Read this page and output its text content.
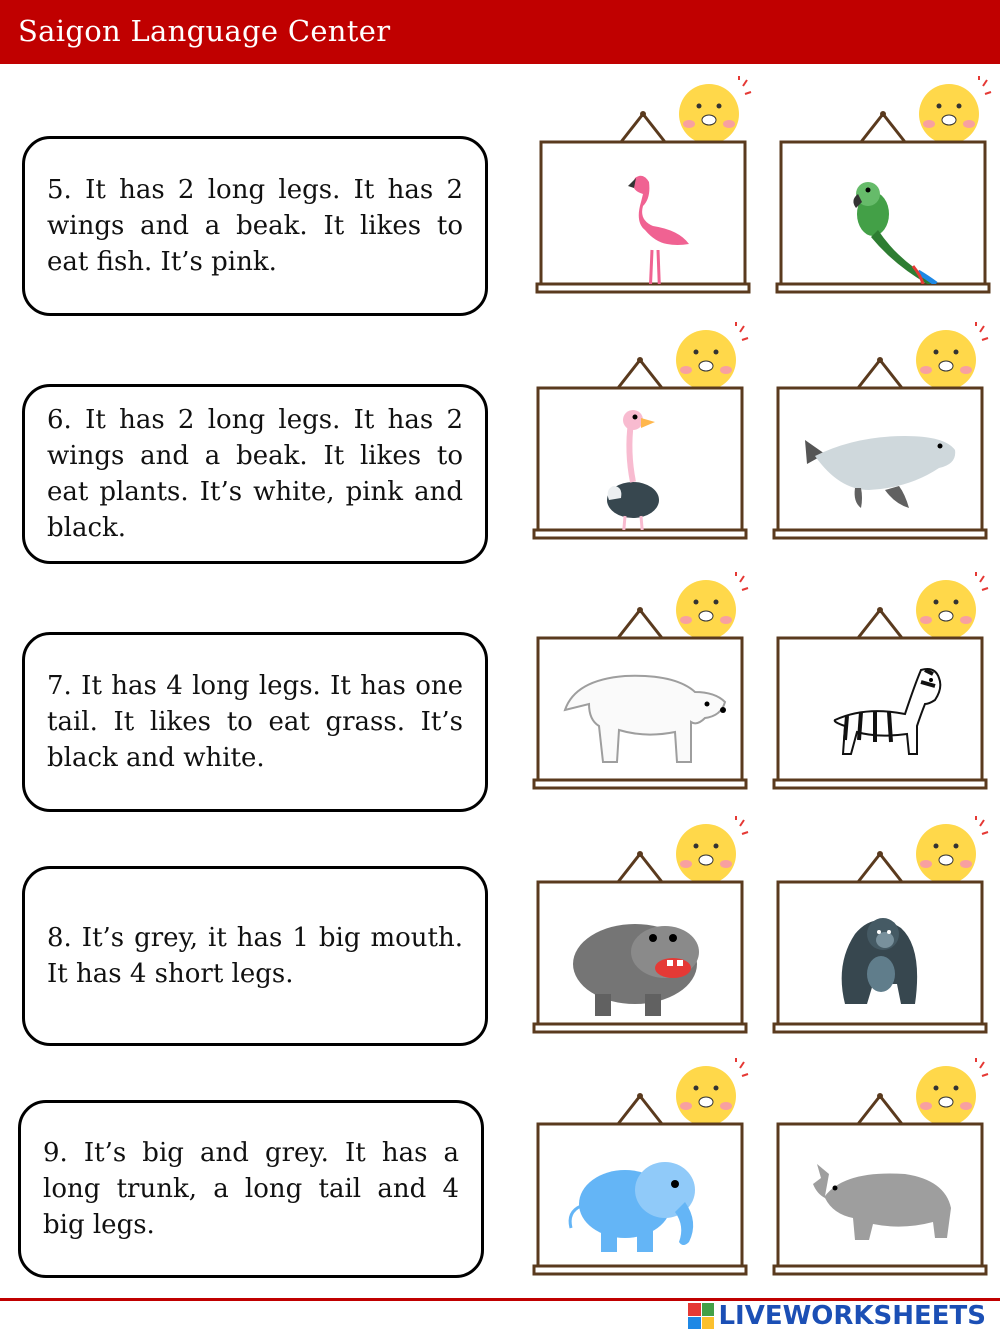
Saigon Language Center
5. It has 2 long legs. It has 2 wings and a beak. It likes to eat fish. It’s pink.
6. It has 2 long legs. It has 2 wings and a beak. It likes to eat plants. It’s white, pink and black.
7. It has 4 long legs. It has one tail. It likes to eat grass. It’s black and white.
8. It’s grey, it has 1 big mouth. It has 4 short legs.
9. It’s big and grey. It has a long trunk, a long tail and 4 big legs.
LIVEWORKSHEETS
